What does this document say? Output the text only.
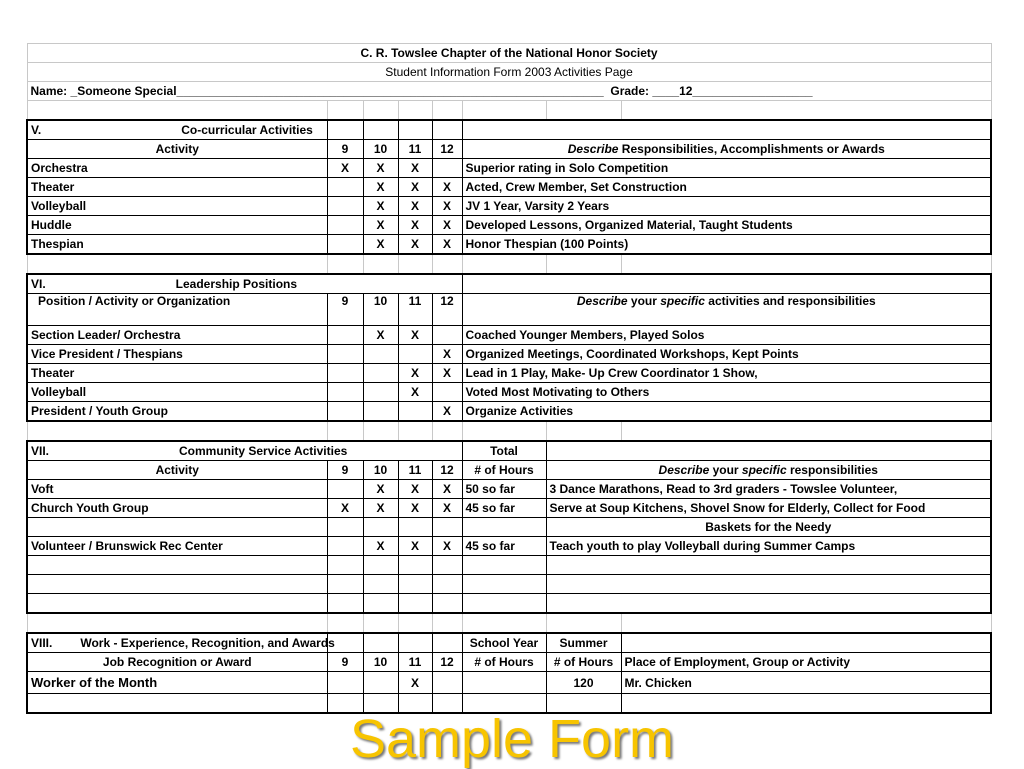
C. R. Towslee Chapter of the National Honor Society							
Student Information Form 2003 Activities Page							
Name: _Someone Special________________________________________________________________ Grade: ____12__________________							

V. Co-curricular Activities							
Activity	9	10	11	12	Describe Responsibilities, Accomplishments or Awards		
Orchestra	X	X	X		Superior rating in Solo Competition		
Theater		X	X	X	Acted, Crew Member, Set Construction		
Volleyball		X	X	X	JV 1 Year, Varsity 2 Years		
Huddle		X	X	X	Developed Lessons, Organized Material, Taught Students		
Thespian		X	X	X	Honor Thespian (100 Points)		

VI. Leadership Positions							
Position / Activity or Organization	9	10	11	12	Describe your specific activities and responsibilities		
Section Leader/ Orchestra		X	X		Coached Younger Members, Played Solos		
Vice President / Thespians				X	Organized Meetings, Coordinated Workshops, Kept Points		
Theater			X	X	Lead in 1 Play, Make- Up Crew Coordinator 1 Show,		
Volleyball			X		Voted Most Motivating to Others		
President / Youth Group				X	Organize Activities		

VII. Community Service Activities					Total		
Activity	9	10	11	12	# of Hours	Describe your specific responsibilities	
Voft		X	X	X	50 so far	3 Dance Marathons, Read to 3rd graders - Towslee Volunteer,	
Church Youth Group	X	X	X	X	45 so far	Serve at Soup Kitchens, Shovel Snow for Elderly, Collect for Food	
						Baskets for the Needy	
Volunteer / Brunswick Rec Center		X	X	X	45 so far	Teach youth to play Volleyball during Summer Camps	

VIII. Work - Experience, Recognition, and Awards					School Year	Summer	
Job Recognition or Award	9	10	11	12	# of Hours	# of Hours	Place of Employment, Group or Activity
Worker of the Month			X			120	Mr. Chicken

Sample Form
